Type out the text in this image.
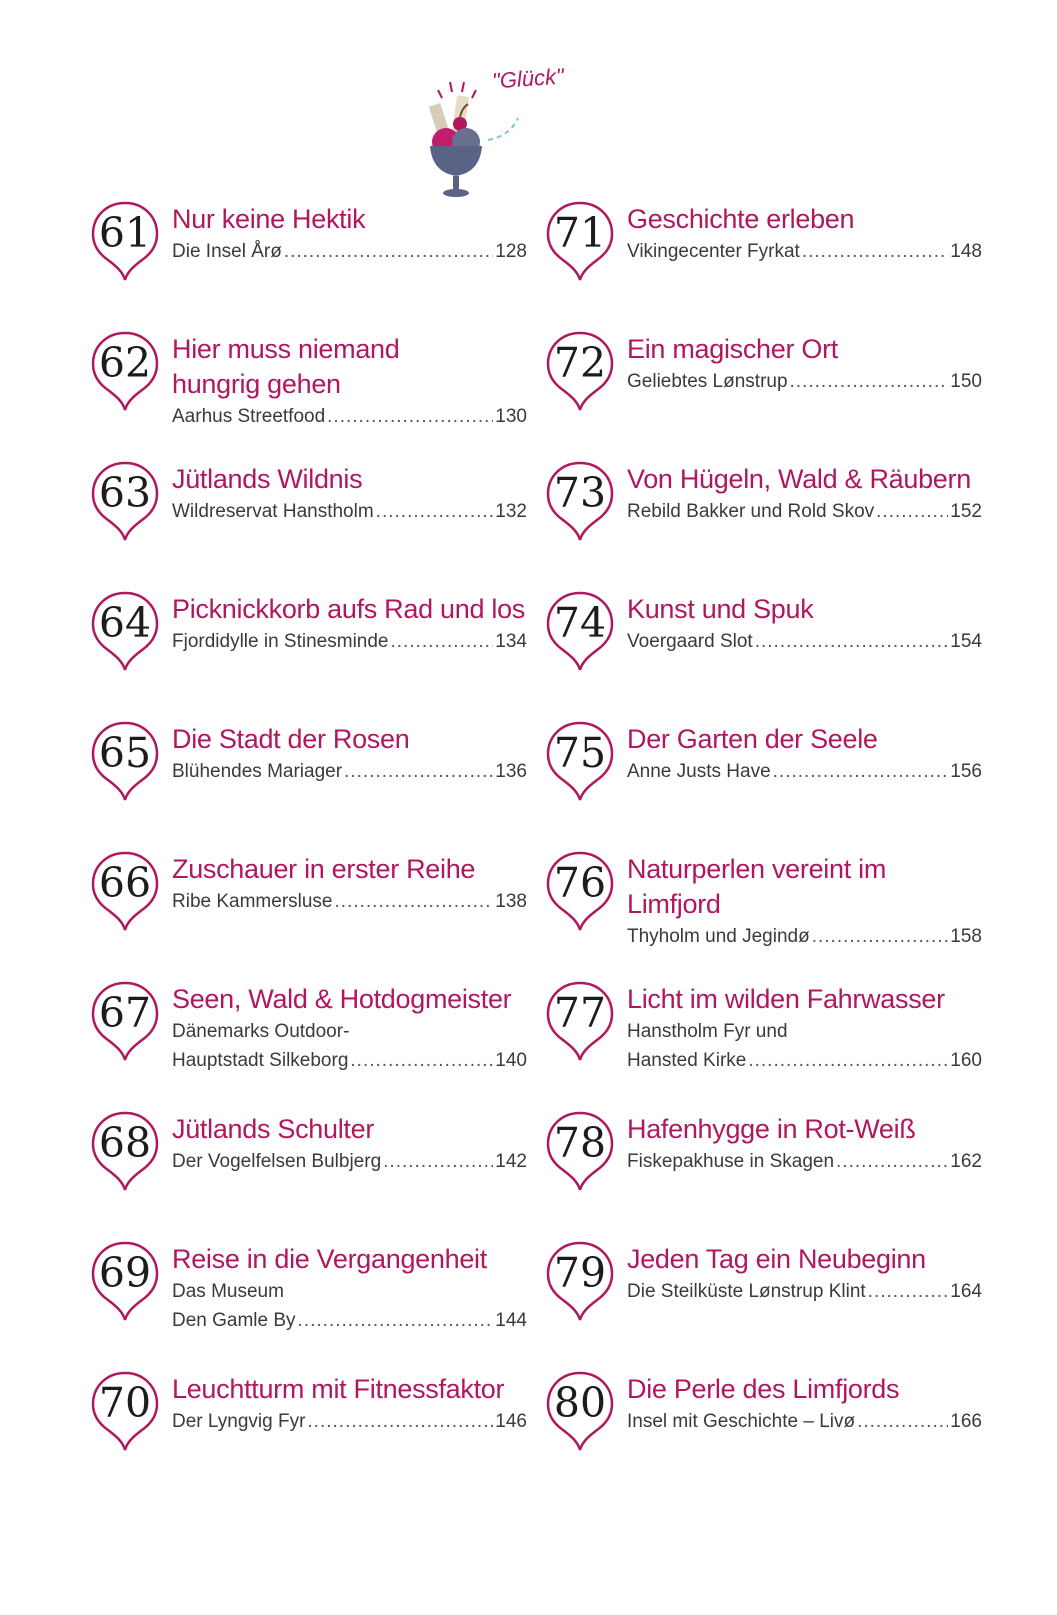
"Glück"
61 Nur keine Hektik
Die Insel Årø .....	128
62 Hier muss niemand
hungrig gehen
Aarhus Streetfood .....	130
63 Jütlands Wildnis
Wildreservat Hanstholm .....	132
64 Picknickkorb aufs Rad und los
Fjordidylle in Stinesminde .....	134
65 Die Stadt der Rosen
Blühendes Mariager .....	136
66 Zuschauer in erster Reihe
Ribe Kammersluse .....	138
67 Seen, Wald & Hotdogmeister
Dänemarks Outdoor-
Hauptstadt Silkeborg .....	140
68 Jütlands Schulter
Der Vogelfelsen Bulbjerg .....	142
69 Reise in die Vergangenheit
Das Museum
Den Gamle By .....	144
70 Leuchtturm mit Fitnessfaktor
Der Lyngvig Fyr .....	146
71 Geschichte erleben
Vikingecenter Fyrkat .....	148
72 Ein magischer Ort
Geliebtes Lønstrup .....	150
73 Von Hügeln, Wald & Räubern
Rebild Bakker und Rold Skov .....	152
74 Kunst und Spuk
Voergaard Slot .....	154
75 Der Garten der Seele
Anne Justs Have .....	156
76 Naturperlen vereint im
Limfjord
Thyholm und Jegindø .....	158
77 Licht im wilden Fahrwasser
Hanstholm Fyr und
Hansted Kirke .....	160
78 Hafenhygge in Rot-Weiß
Fiskepakhuse in Skagen .....	162
79 Jeden Tag ein Neubeginn
Die Steilküste Lønstrup Klint .....	164
80 Die Perle des Limfjords
Insel mit Geschichte – Livø .....	166
